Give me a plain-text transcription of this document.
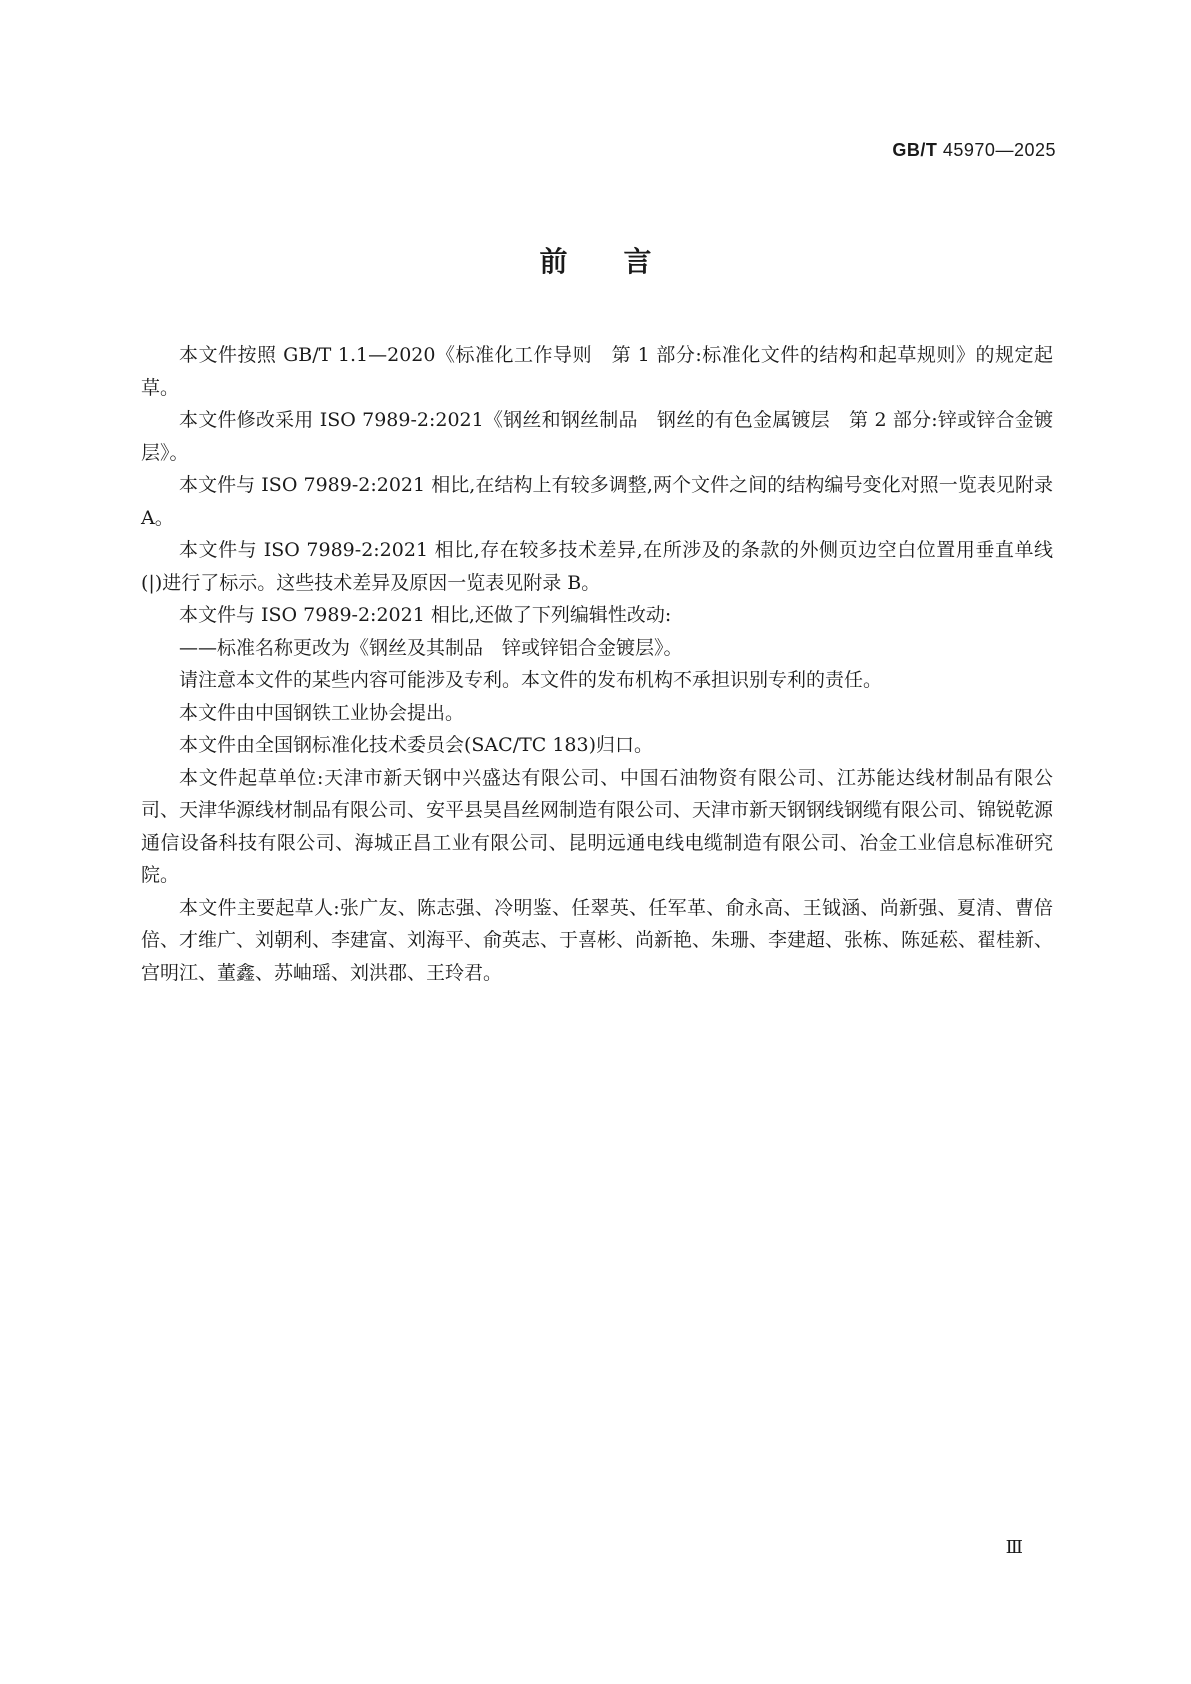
GB/T 45970—2025
前言

本文件按照 GB/T 1.1—2020《标准化工作导则　第 1 部分:标准化文件的结构和起草规则》的规定起草。

本文件修改采用 ISO 7989-2:2021《钢丝和钢丝制品　钢丝的有色金属镀层　第 2 部分:锌或锌合金镀层》。

本文件与 ISO 7989-2:2021 相比,在结构上有较多调整,两个文件之间的结构编号变化对照一览表见附录 A。

本文件与 ISO 7989-2:2021 相比,存在较多技术差异,在所涉及的条款的外侧页边空白位置用垂直单线(|)进行了标示。这些技术差异及原因一览表见附录 B。

本文件与 ISO 7989-2:2021 相比,还做了下列编辑性改动:

——标准名称更改为《钢丝及其制品　锌或锌铝合金镀层》。

请注意本文件的某些内容可能涉及专利。本文件的发布机构不承担识别专利的责任。

本文件由中国钢铁工业协会提出。

本文件由全国钢标准化技术委员会(SAC/TC 183)归口。

本文件起草单位:天津市新天钢中兴盛达有限公司、中国石油物资有限公司、江苏能达线材制品有限公司、天津华源线材制品有限公司、安平县昊昌丝网制造有限公司、天津市新天钢钢线钢缆有限公司、锦锐乾源通信设备科技有限公司、海城正昌工业有限公司、昆明远通电线电缆制造有限公司、冶金工业信息标准研究院。

本文件主要起草人:张广友、陈志强、冷明鉴、任翠英、任军革、俞永高、王钺涵、尚新强、夏清、曹倍倍、才维广、刘朝利、李建富、刘海平、俞英志、于喜彬、尚新艳、朱珊、李建超、张栋、陈延菘、翟桂新、宫明江、董鑫、苏岫瑶、刘洪郡、王玲君。

Ⅲ
